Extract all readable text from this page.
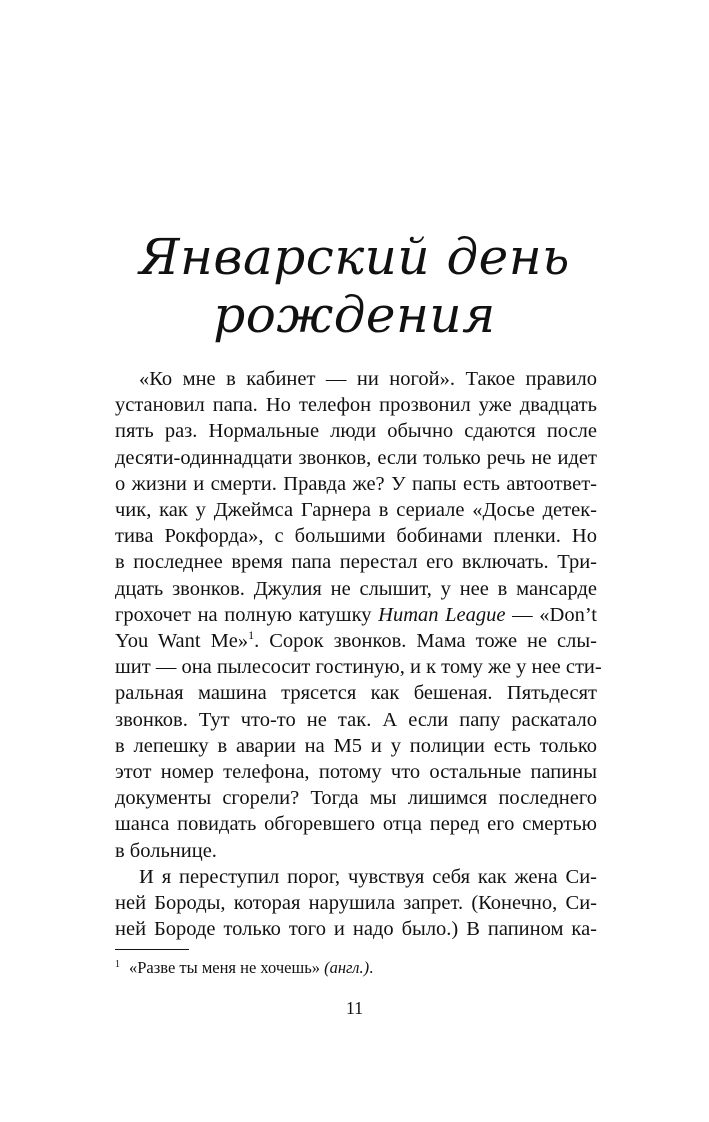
Январский день рождения
«Ко мне в кабинет — ни ногой». Такое правило
установил папа. Но телефон прозвонил уже двадцать
пять раз. Нормальные люди обычно сдаются после
десяти-одиннадцати звонков, если только речь не идет
о жизни и смерти. Правда же? У папы есть автоответ-
чик, как у Джеймса Гарнера в сериале «Досье детек-
тива Рокфорда», с большими бобинами пленки. Но
в последнее время папа перестал его включать. Три-
дцать звонков. Джулия не слышит, у нее в мансарде
грохочет на полную катушку Human League — «Don’t
You Want Me»$^1$. Сорок звонков. Мама тоже не слы-
шит — она пылесосит гостиную, и к тому же у нее сти-
ральная машина трясется как бешеная. Пятьдесят
звонков. Тут что-то не так. А если папу раскатало
в лепешку в аварии на М5 и у полиции есть только
этот номер телефона, потому что остальные папины
документы сгорели? Тогда мы лишимся последнего
шанса повидать обгоревшего отца перед его смертью
в больнице.
И я переступил порог, чувствуя себя как жена Си-
ней Бороды, которая нарушила запрет. (Конечно, Си-
ней Бороде только того и надо было.) В папином ка-
$^1$ «Разве ты меня не хочешь» (англ.).
11
